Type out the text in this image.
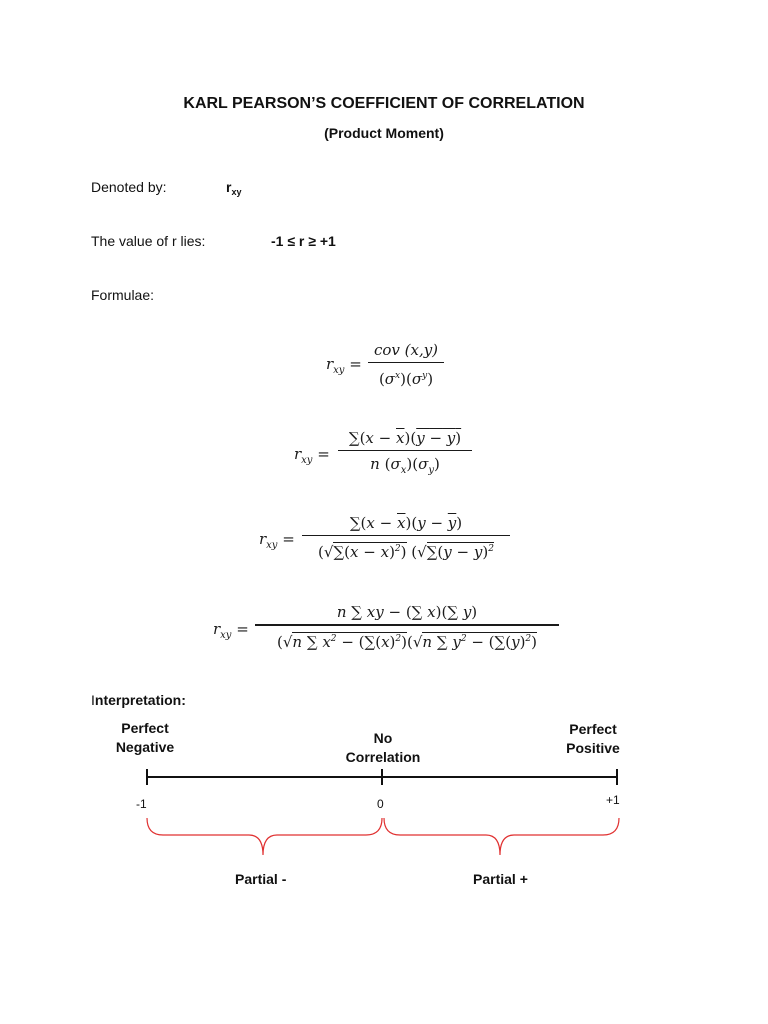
KARL PEARSON’S COEFFICIENT OF CORRELATION
(Product Moment)
Denoted by:	$r_{xy}$
The value of r lies:	-1 ≤ r ≥ +1
Formulae:
$r_{xy}$ =
cov (x,y)
$(\sigma^x)(\sigma^y)$
$r_{xy}$ =
$\sum(x - \overline{x})(y - y)$
n $(\sigma_x)(\sigma_y)$
$r_{xy}$ =
$\sum(x - \overline{x})(y - \overline{y})$
$(√\sum(x - \overline{x})^2)$ ($√\sum(y - \overline{y})^2$
$r_{xy}$ =
n ∑ xy − (∑ x)(∑ y)
(√n ∑ $x^2 - (\sum(x)^2)(√n$ ∑ $y^2 - (\sum(y)^2)$
Interpretation:
Perfect
Negative
No
Correlation
Perfect
Positive
-1	0	+1
Partial -	Partial +
